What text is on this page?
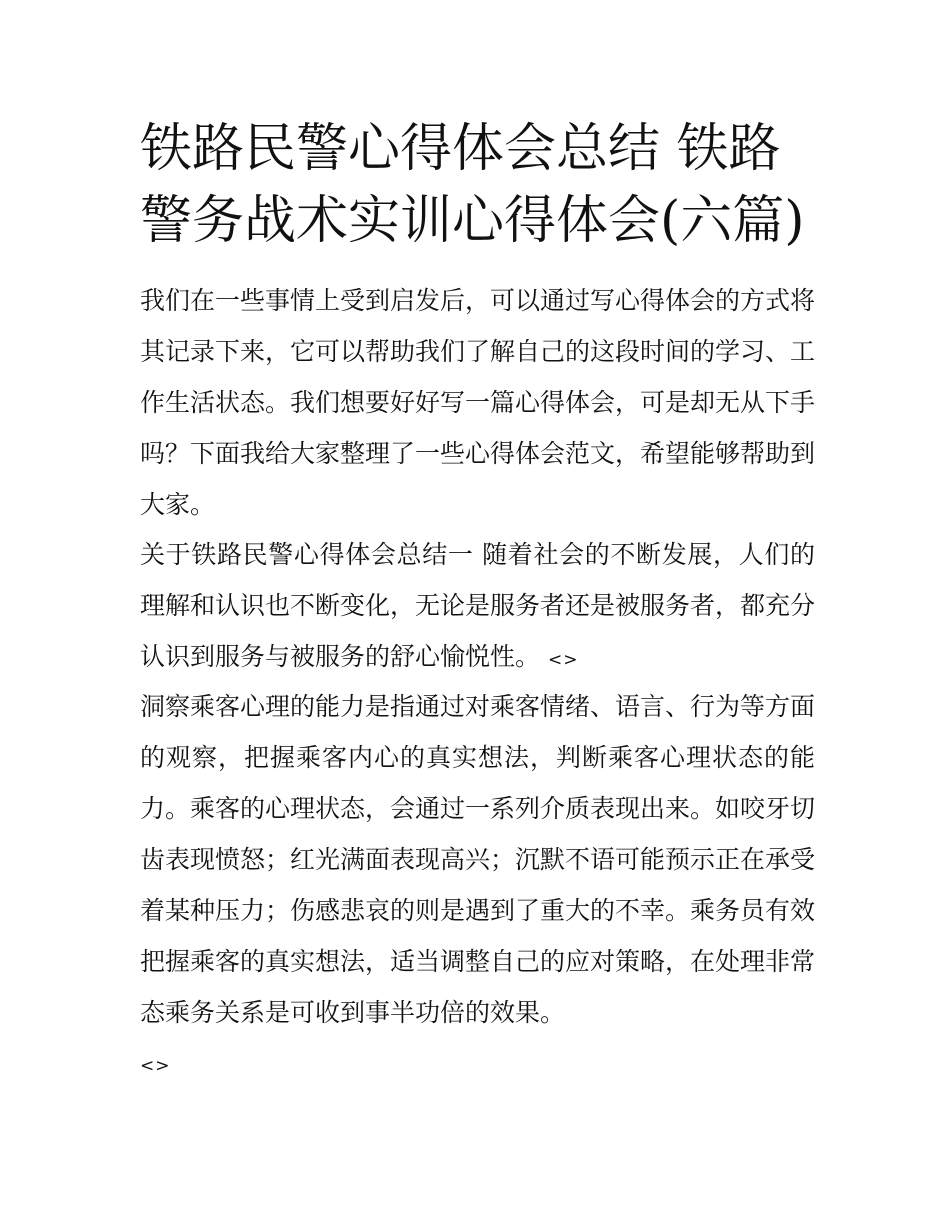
铁路民警心得体会总结 铁路警务战术实训心得体会(六篇)

我们在一些事情上受到启发后，可以通过写心得体会的方式将其记录下来，它可以帮助我们了解自己的这段时间的学习、工作生活状态。我们想要好好写一篇心得体会，可是却无从下手吗？下面我给大家整理了一些心得体会范文，希望能够帮助到大家。

关于铁路民警心得体会总结一 随着社会的不断发展，人们的理解和认识也不断变化，无论是服务者还是被服务者，都充分认识到服务与被服务的舒心愉悦性。 <>

洞察乘客心理的能力是指通过对乘客情绪、语言、行为等方面的观察，把握乘客内心的真实想法，判断乘客心理状态的能力。乘客的心理状态，会通过一系列介质表现出来。如咬牙切齿表现愤怒；红光满面表现高兴；沉默不语可能预示正在承受着某种压力；伤感悲哀的则是遇到了重大的不幸。乘务员有效把握乘客的真实想法，适当调整自己的应对策略，在处理非常态乘务关系是可收到事半功倍的效果。

<>
